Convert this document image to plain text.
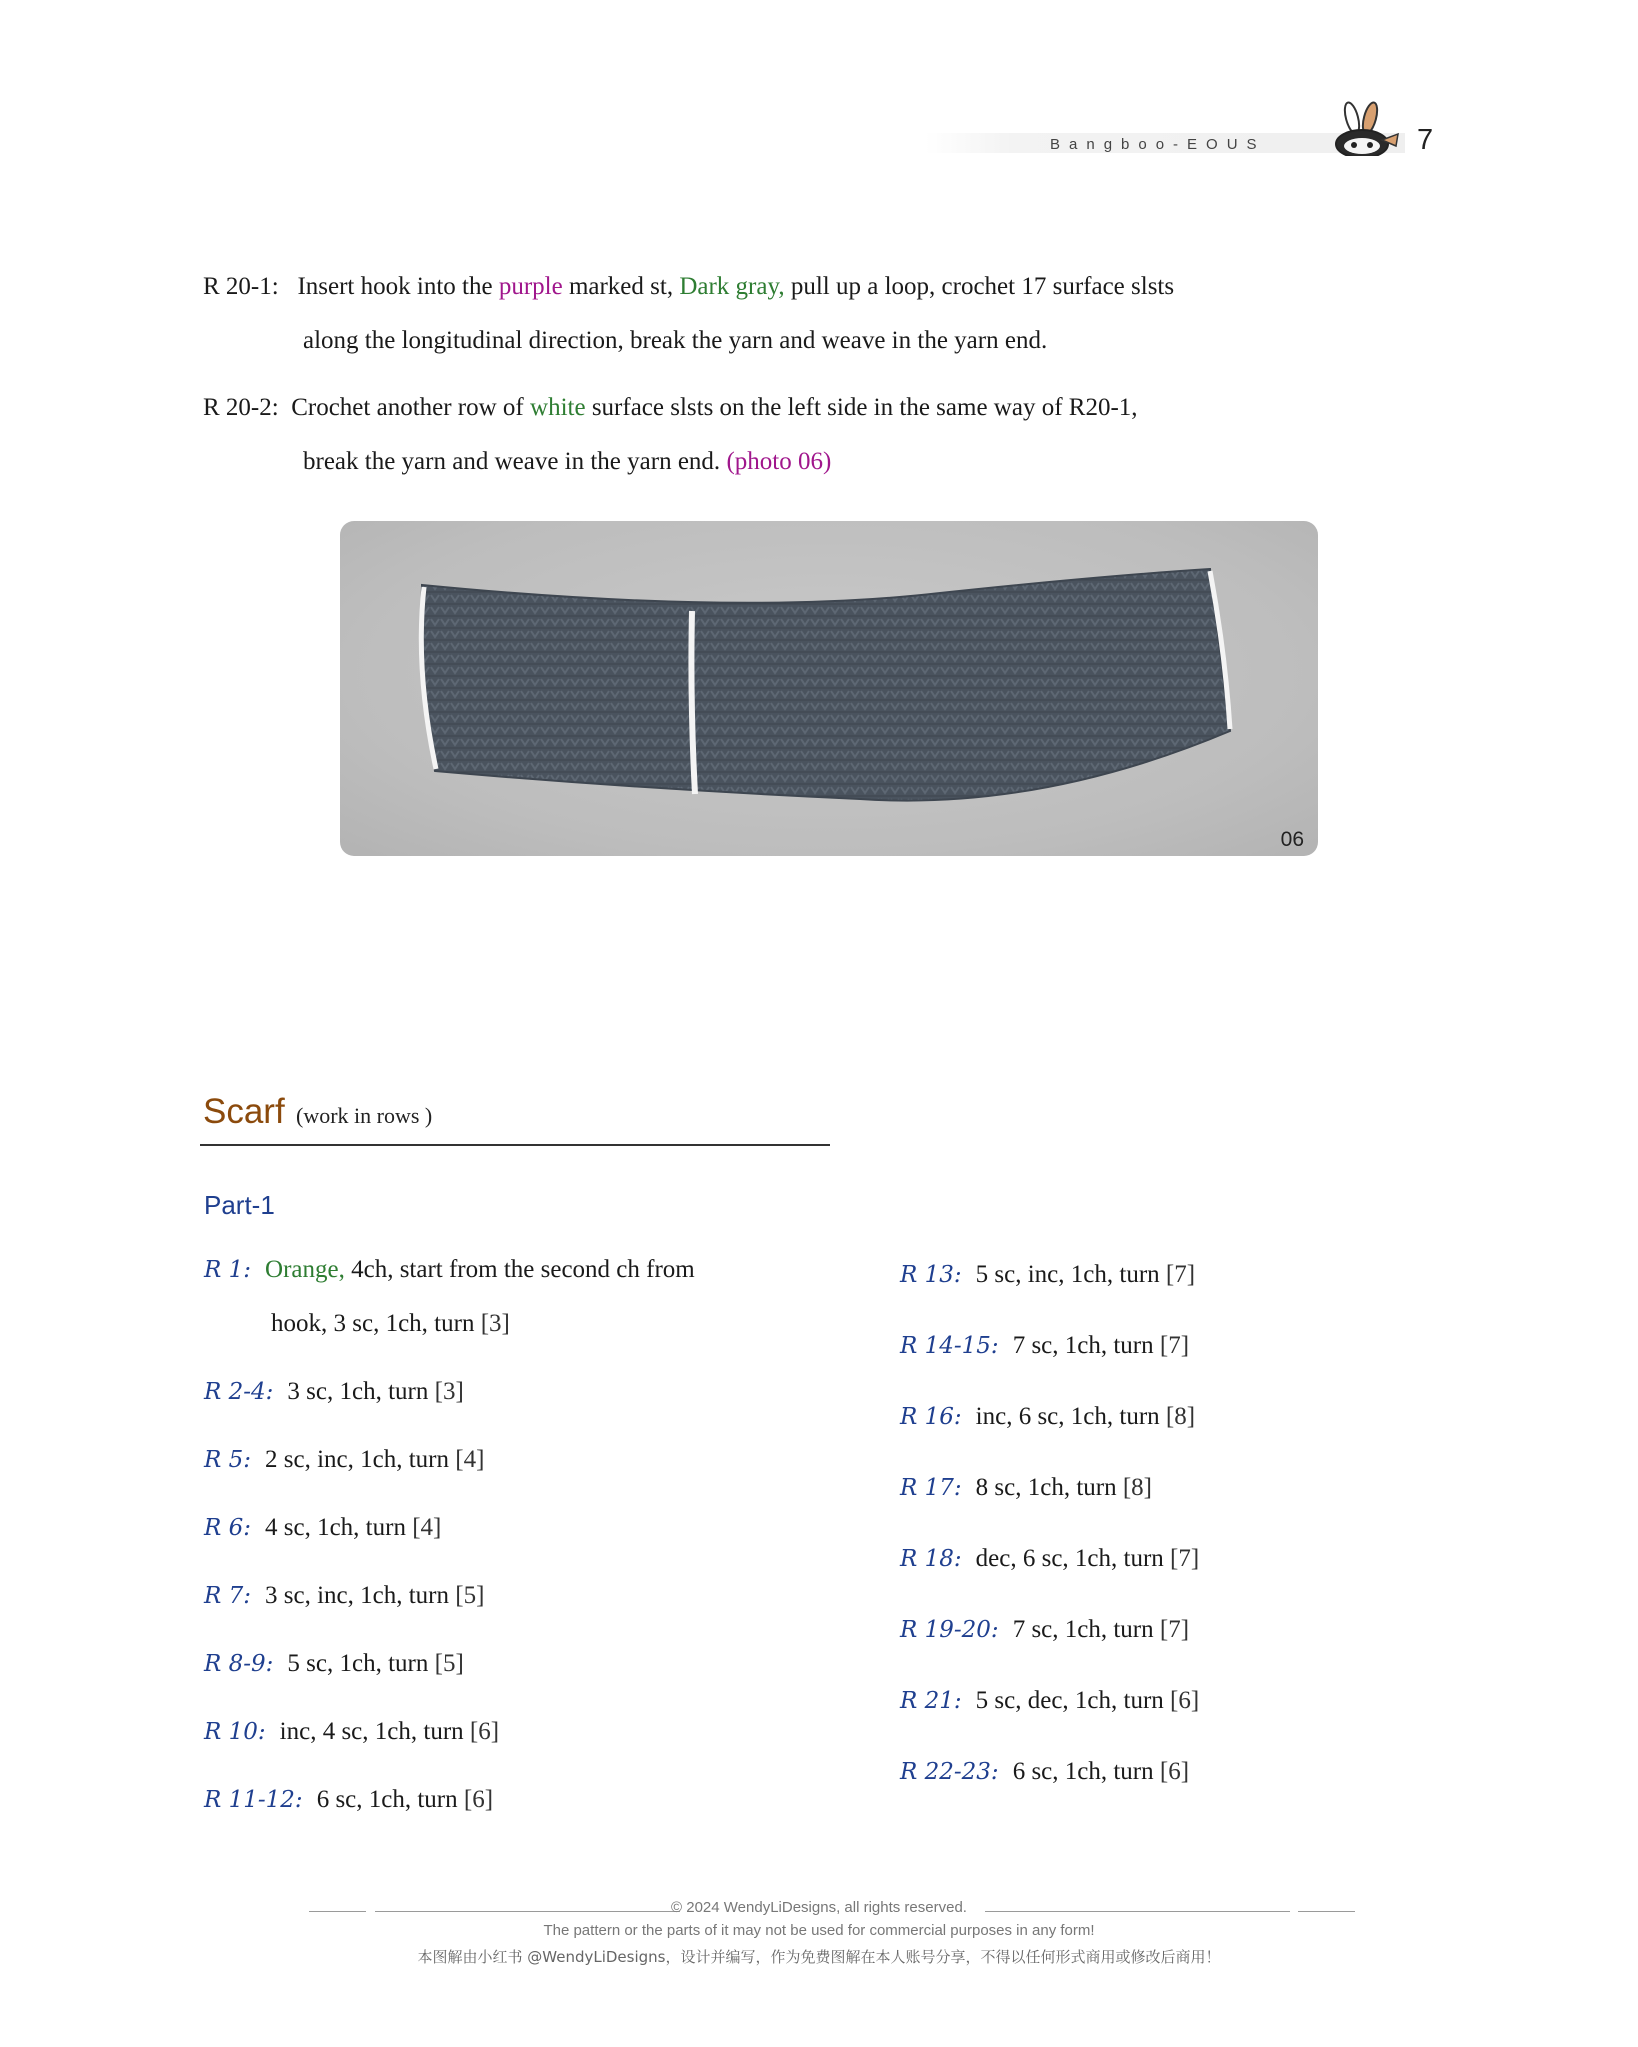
Bangboo-EOUS	7
R 20-1: Insert hook into the purple marked st, Dark gray, pull up a loop, crochet 17 surface slsts
along the longitudinal direction, break the yarn and weave in the yarn end.
R 20-2: Crochet another row of white surface slsts on the left side in the same way of R20-1,
break the yarn and weave in the yarn end. (photo 06)
06
Scarf (work in rows )
Part-1
R 1: Orange, 4ch, start from the second ch from
hook, 3 sc, 1ch, turn [3]
R 2-4: 3 sc, 1ch, turn [3]
R 5: 2 sc, inc, 1ch, turn [4]
R 6: 4 sc, 1ch, turn [4]
R 7: 3 sc, inc, 1ch, turn [5]
R 8-9: 5 sc, 1ch, turn [5]
R 10: inc, 4 sc, 1ch, turn [6]
R 11-12: 6 sc, 1ch, turn [6]
R 13: 5 sc, inc, 1ch, turn [7]
R 14-15: 7 sc, 1ch, turn [7]
R 16: inc, 6 sc, 1ch, turn [8]
R 17: 8 sc, 1ch, turn [8]
R 18: dec, 6 sc, 1ch, turn [7]
R 19-20: 7 sc, 1ch, turn [7]
R 21: 5 sc, dec, 1ch, turn [6]
R 22-23: 6 sc, 1ch, turn [6]
© 2024 WendyLiDesigns, all rights reserved.
The pattern or the parts of it may not be used for commercial purposes in any form!
本图解由小红书 @WendyLiDesigns，设计并编写，作为免费图解在本人账号分享，不得以任何形式商用或修改后商用！
